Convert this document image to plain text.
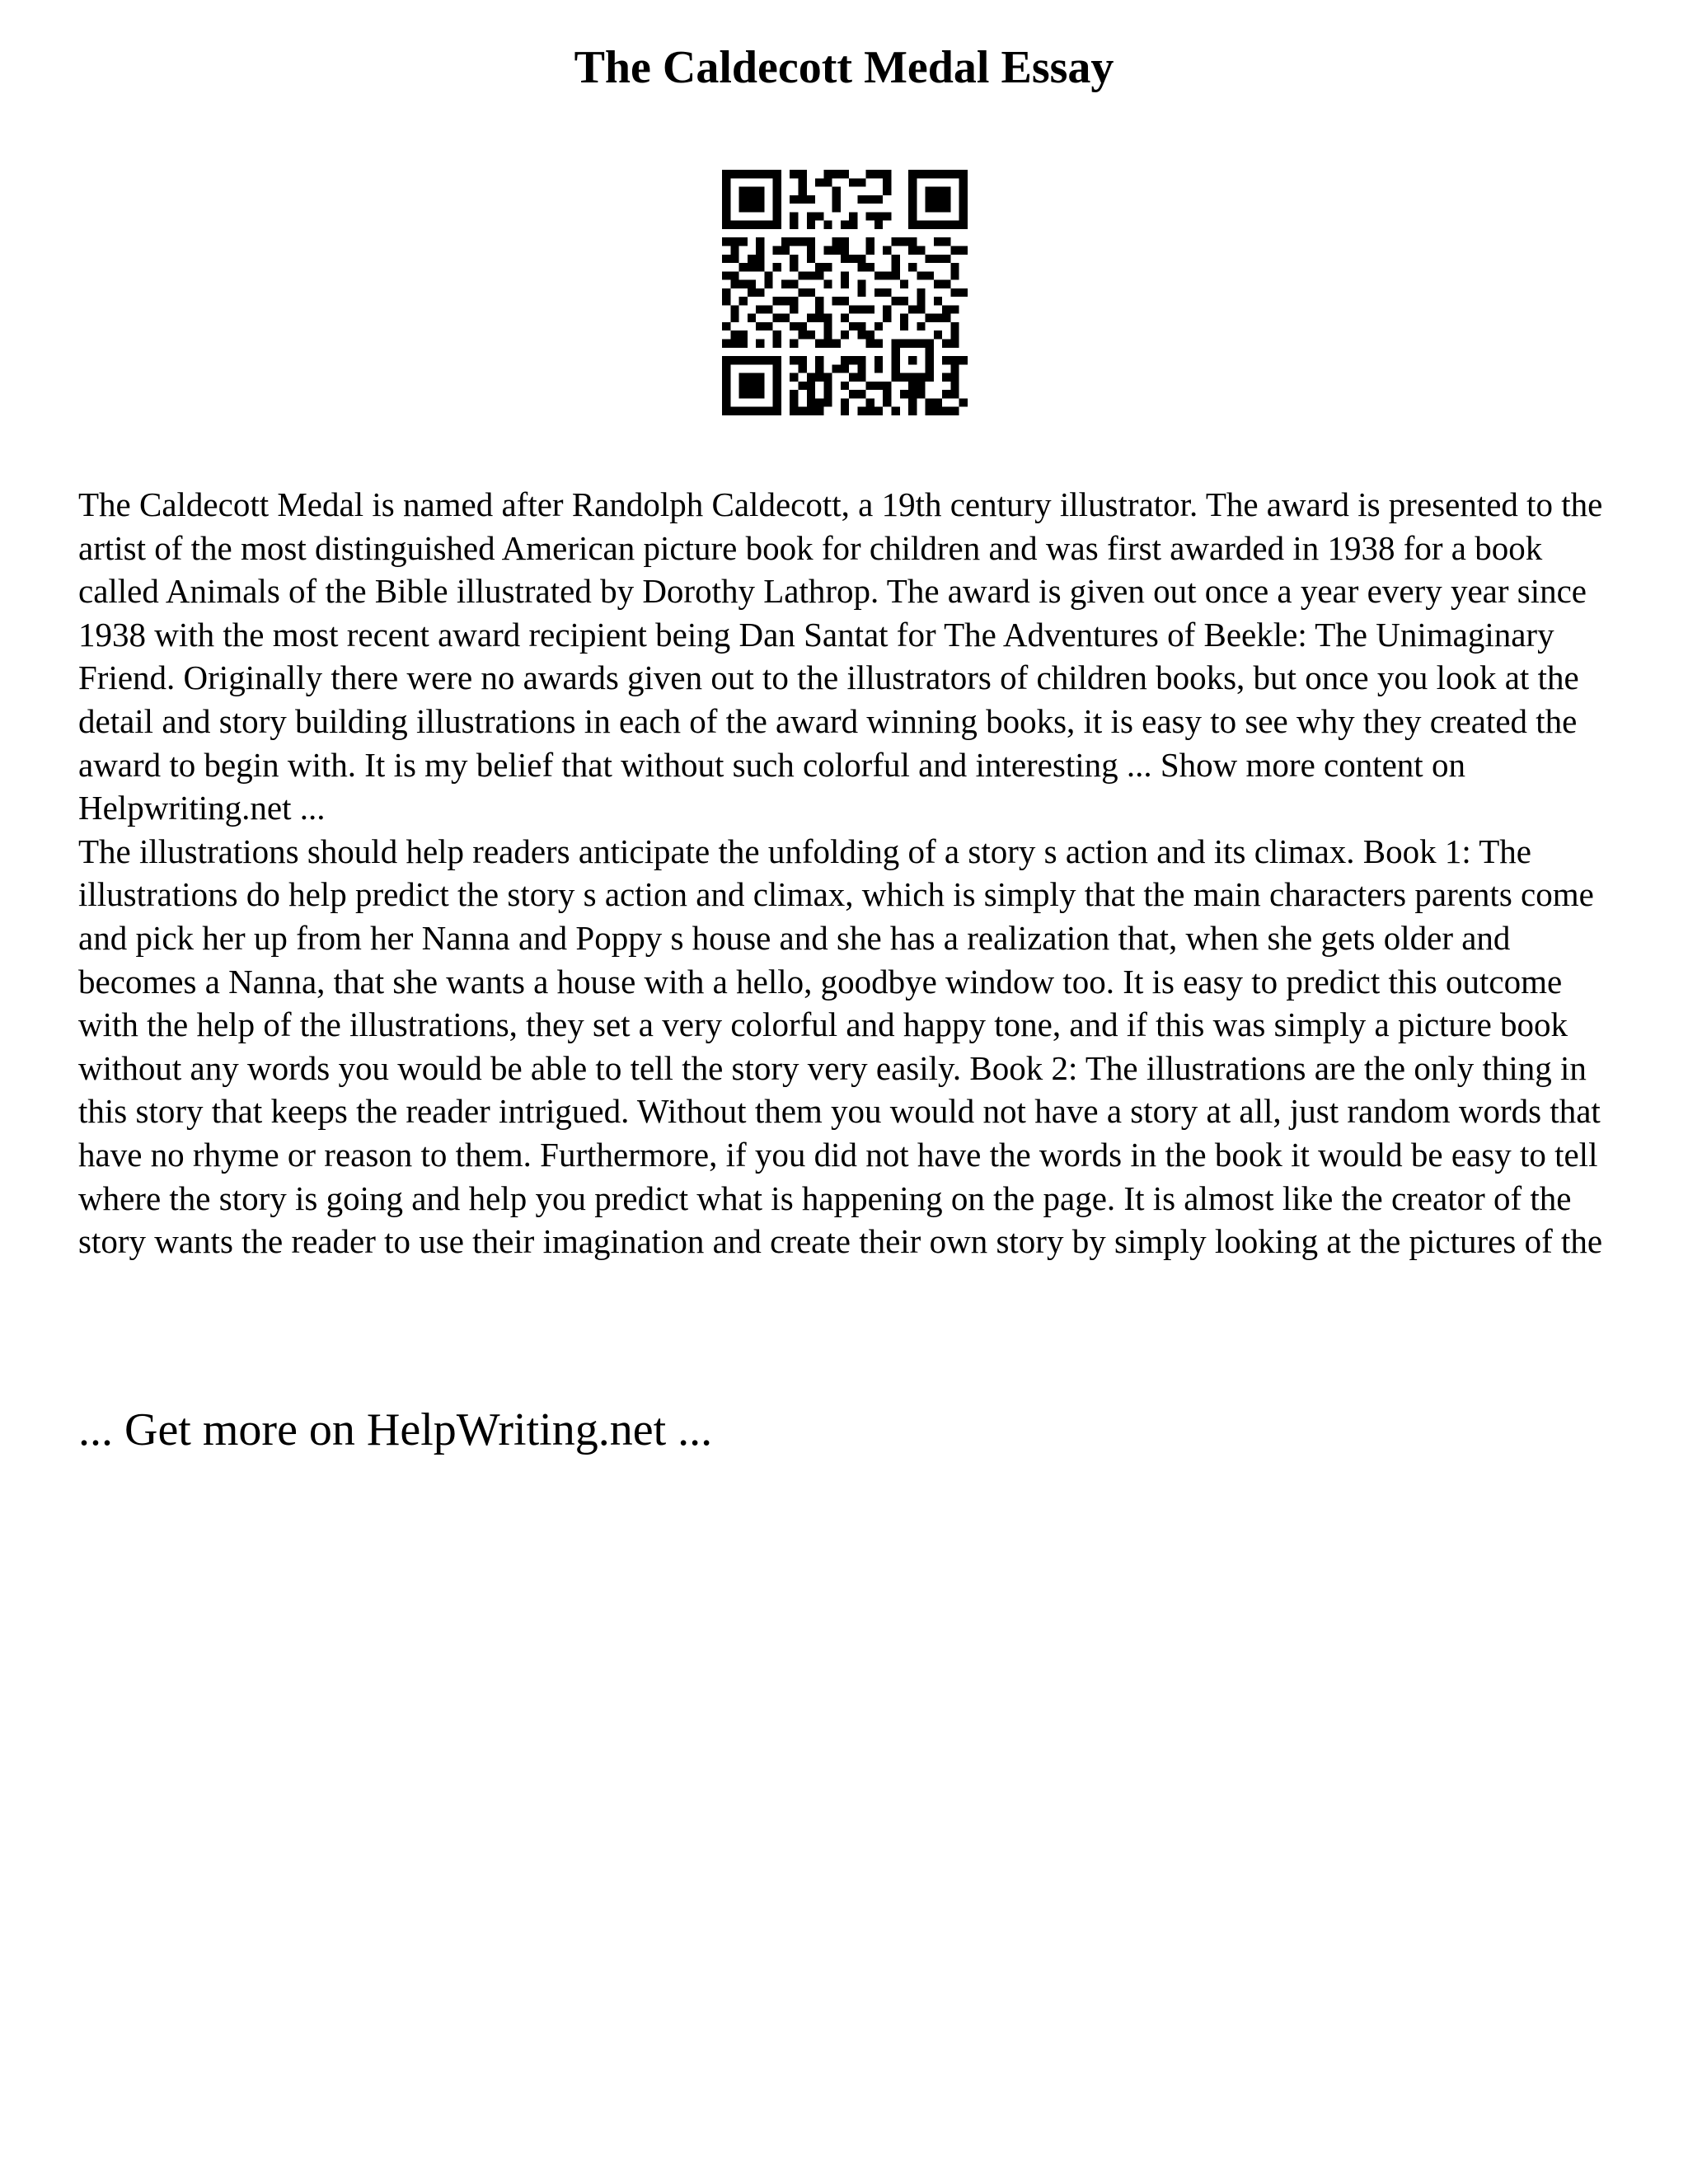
The Caldecott Medal Essay

The Caldecott Medal is named after Randolph Caldecott, a 19th century illustrator. The award is presented to the artist of the most distinguished American picture book for children and was first awarded in 1938 for a book called Animals of the Bible illustrated by Dorothy Lathrop. The award is given out once a year every year since 1938 with the most recent award recipient being Dan Santat for The Adventures of Beekle: The Unimaginary Friend. Originally there were no awards given out to the illustrators of children books, but once you look at the detail and story building illustrations in each of the award winning books, it is easy to see why they created the award to begin with. It is my belief that without such colorful and interesting ... Show more content on Helpwriting.net ...

The illustrations should help readers anticipate the unfolding of a story s action and its climax. Book 1: The illustrations do help predict the story s action and climax, which is simply that the main characters parents come and pick her up from her Nanna and Poppy s house and she has a realization that, when she gets older and becomes a Nanna, that she wants a house with a hello, goodbye window too. It is easy to predict this outcome with the help of the illustrations, they set a very colorful and happy tone, and if this was simply a picture book without any words you would be able to tell the story very easily. Book 2: The illustrations are the only thing in this story that keeps the reader intrigued. Without them you would not have a story at all, just random words that have no rhyme or reason to them. Furthermore, if you did not have the words in the book it would be easy to tell where the story is going and help you predict what is happening on the page. It is almost like the creator of the story wants the reader to use their imagination and create their own story by simply looking at the pictures of the

... Get more on HelpWriting.net ...
